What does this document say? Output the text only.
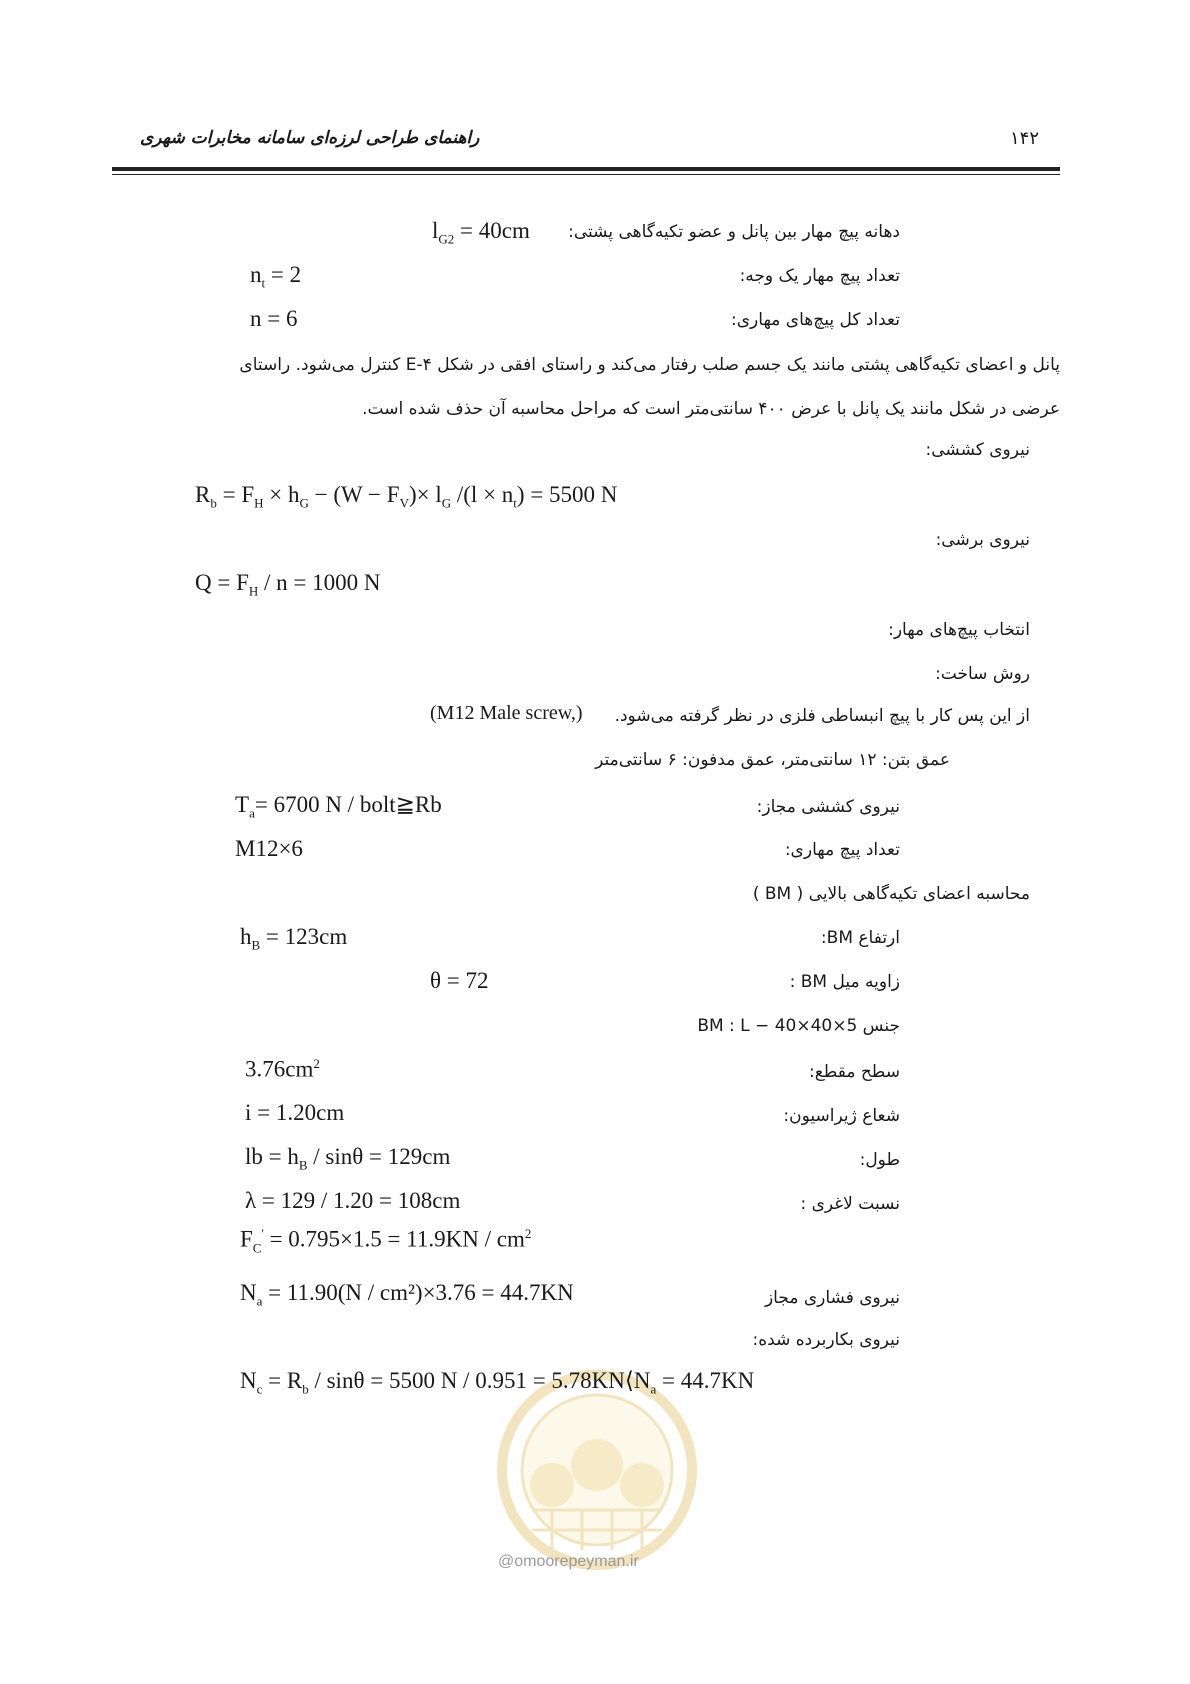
راهنمای طراحی لرزه‌ای سامانه مخابرات شهری	۱۴۲
دهانه پیچ مهار بین پانل و عضو تکیه‌گاهی پشتی:
$l_{G2} = 40cm$
تعداد پیچ مهار یک وجه:
$n_t = 2$
تعداد کل پیچ‌های مهاری:
n = 6
پانل و اعضای تکیه‌گاهی پشتی مانند یک جسم صلب رفتار می‌کند و راستای افقی در شکل E-۴ کنترل می‌شود. راستای
عرضی در شکل مانند یک پانل با عرض ۴۰۰ سانتی‌متر است که مراحل محاسبه آن حذف شده است.
نیروی کششی:
$R_b = F_H \times h_G - (W - F_V)\times l_G$ $/(l \times n_t) = 5500$ N
نیروی برشی:
$Q = F_H / n = 1000$ N
انتخاب پیچ‌های مهار:
روش ساخت:
از این پس کار با پیچ انبساطی فلزی در نظر گرفته می‌شود.
(M12 Male screw,)
عمق بتن: ۱۲ سانتی‌متر، عمق مدفون: ۶ سانتی‌متر
نیروی کششی مجاز:
$T_a= 6700$ N / bolt≧Rb
تعداد پیچ مهاری:
M12×6
محاسبه اعضای تکیه‌گاهی بالایی ( BM )
ارتفاع BM:
$h_B = 123cm$
زاویه میل BM :
θ = 72
جنس BM : L − 40×40×5
سطح مقطع:
$3.76cm^2$
شعاع ژیراسیون:
i = 1.20cm
طول:
lb = $h_B / \sin\theta = 129cm$
نسبت لاغری :
λ = 129 / 1.20 = 108cm
$F_C' = 0.795\times 1.5 = 11.9KN / cm^2$
نیروی فشاری مجاز
$N_a = 11.90(N / cm^2)\times 3.76 = 44.7KN$
نیروی بکاربرده شده:
$N_c = R_b / \sin\theta = 5500$ $N / 0.951 = 5.78KN⟨N_a = 44.7KN$
@omoorepeyman.ir
